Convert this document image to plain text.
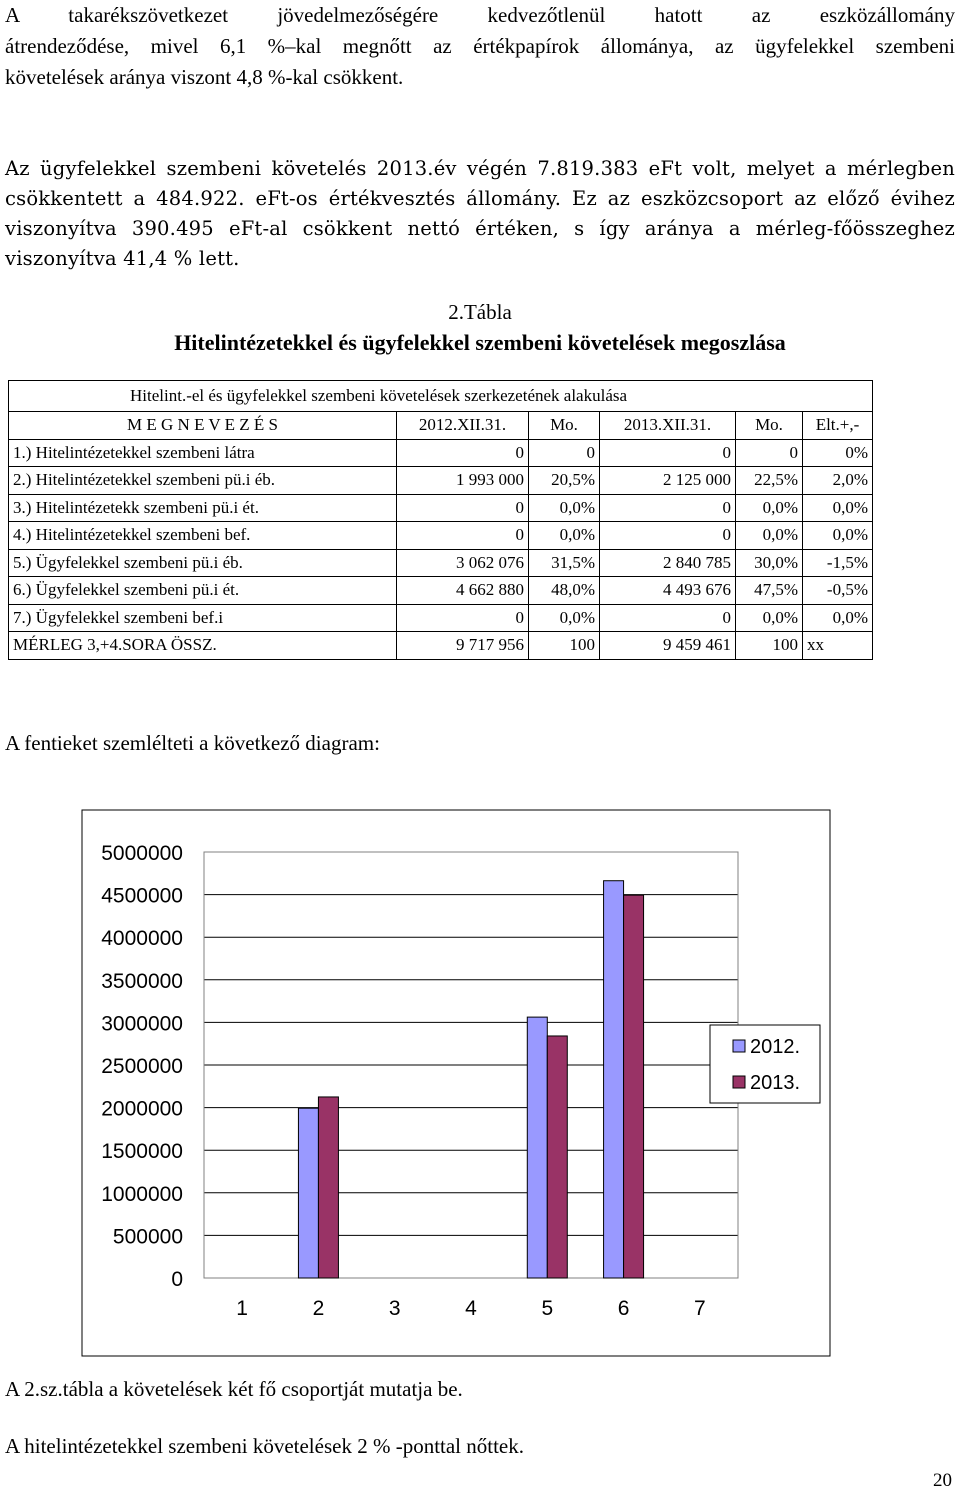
A takarékszövetkezet jövedelmezőségére kedvezőtlenül hatott az eszközállomány
átrendeződése, mivel 6,1 %–kal megnőtt az értékpapírok állománya, az ügyfelekkel szembeni
követelések aránya viszont 4,8 %-kal csökkent.
Az ügyfelekkel szembeni követelés 2013.év végén 7.819.383 eFt volt, melyet a mérlegben
csökkentett a 484.922. eFt-os értékvesztés állomány. Ez az eszközcsoport az előző évihez
viszonyítva 390.495 eFt-al csökkent nettó értéken, s így aránya a mérleg-főösszeghez
viszonyítva 41,4 % lett.
2.Tábla
Hitelintézetekkel és ügyfelekkel szembeni követelések megoszlása
Hitelint.-el és ügyfelekkel szembeni követelések szerkezetének alakulása					
M E G N E V E Z É S	2012.XII.31.	Mo.	2013.XII.31.	Mo.	Elt.+,-
1.) Hitelintézetekkel szembeni látra	0	0	0	0	0%
2.) Hitelintézetekkel szembeni pü.i éb.	1 993 000	20,5%	2 125 000	22,5%	2,0%
3.) Hitelintézetekk szembeni pü.i ét.	0	0,0%	0	0,0%	0,0%
4.) Hitelintézetekkel szembeni bef.	0	0,0%	0	0,0%	0,0%
5.) Ügyfelekkel szembeni pü.i éb.	3 062 076	31,5%	2 840 785	30,0%	-1,5%
6.) Ügyfelekkel szembeni pü.i ét.	4 662 880	48,0%	4 493 676	47,5%	-0,5%
7.) Ügyfelekkel szembeni bef.i	0	0,0%	0	0,0%	0,0%
MÉRLEG 3,+4.SORA ÖSSZ.	9 717 956	100	9 459 461	100	xx
A fentieket szemlélteti a következő diagram:
0
500000
1000000
1500000
2000000
2500000
3000000
3500000
4000000
4500000
5000000
1	2	3	4	5	6	7
2012.
2013.
A 2.sz.tábla a követelések két fő csoportját mutatja be.
A hitelintézetekkel szembeni követelések 2 % -ponttal nőttek.
20
